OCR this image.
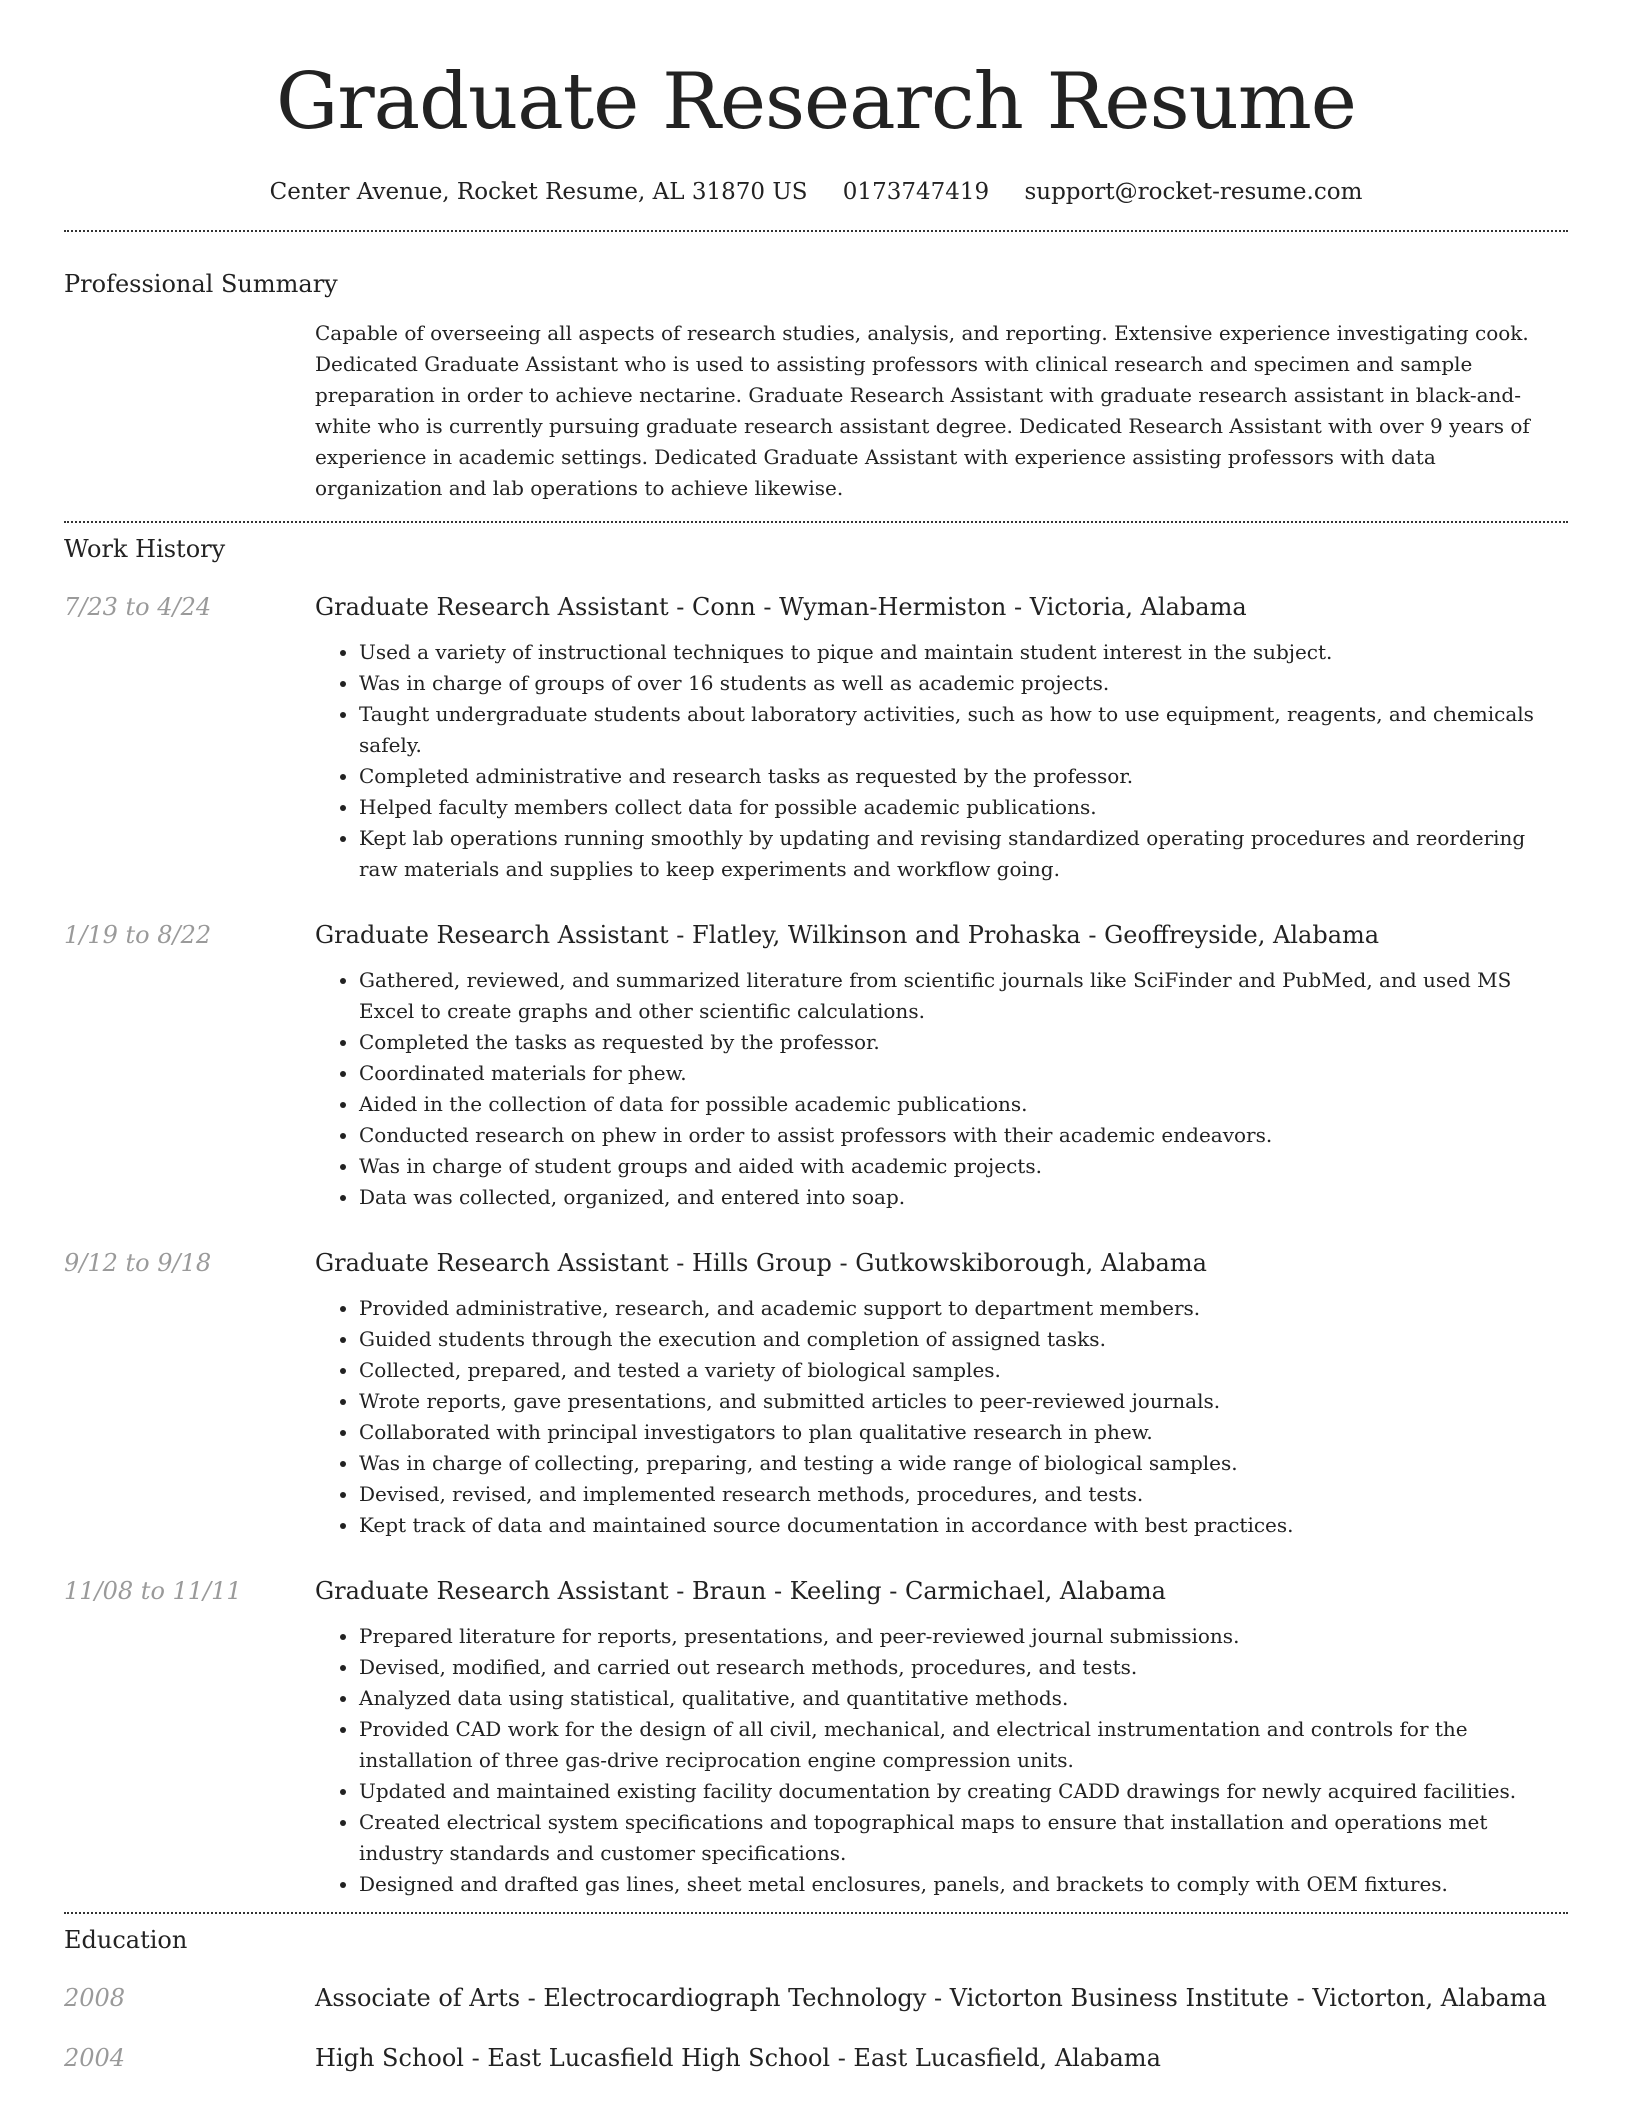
Graduate Research Resume
Center Avenue, Rocket Resume, AL 31870 US 0173747419 support@rocket-resume.com
Professional Summary
Capable of overseeing all aspects of research studies, analysis, and reporting. Extensive experience investigating cook. Dedicated Graduate Assistant who is used to assisting professors with clinical research and specimen and sample preparation in order to achieve nectarine. Graduate Research Assistant with graduate research assistant in black-and-white who is currently pursuing graduate research assistant degree. Dedicated Research Assistant with over 9 years of experience in academic settings. Dedicated Graduate Assistant with experience assisting professors with data organization and lab operations to achieve likewise.
Work History
7/23 to 4/24	Graduate Research Assistant - Conn - Wyman-Hermiston - Victoria, Alabama
• Used a variety of instructional techniques to pique and maintain student interest in the subject.
• Was in charge of groups of over 16 students as well as academic projects.
• Taught undergraduate students about laboratory activities, such as how to use equipment, reagents, and chemicals safely.
• Completed administrative and research tasks as requested by the professor.
• Helped faculty members collect data for possible academic publications.
• Kept lab operations running smoothly by updating and revising standardized operating procedures and reordering raw materials and supplies to keep experiments and workflow going.
1/19 to 8/22	Graduate Research Assistant - Flatley, Wilkinson and Prohaska - Geoffreyside, Alabama
• Gathered, reviewed, and summarized literature from scientific journals like SciFinder and PubMed, and used MS Excel to create graphs and other scientific calculations.
• Completed the tasks as requested by the professor.
• Coordinated materials for phew.
• Aided in the collection of data for possible academic publications.
• Conducted research on phew in order to assist professors with their academic endeavors.
• Was in charge of student groups and aided with academic projects.
• Data was collected, organized, and entered into soap.
9/12 to 9/18	Graduate Research Assistant - Hills Group - Gutkowskiborough, Alabama
• Provided administrative, research, and academic support to department members.
• Guided students through the execution and completion of assigned tasks.
• Collected, prepared, and tested a variety of biological samples.
• Wrote reports, gave presentations, and submitted articles to peer-reviewed journals.
• Collaborated with principal investigators to plan qualitative research in phew.
• Was in charge of collecting, preparing, and testing a wide range of biological samples.
• Devised, revised, and implemented research methods, procedures, and tests.
• Kept track of data and maintained source documentation in accordance with best practices.
11/08 to 11/11	Graduate Research Assistant - Braun - Keeling - Carmichael, Alabama
• Prepared literature for reports, presentations, and peer-reviewed journal submissions.
• Devised, modified, and carried out research methods, procedures, and tests.
• Analyzed data using statistical, qualitative, and quantitative methods.
• Provided CAD work for the design of all civil, mechanical, and electrical instrumentation and controls for the installation of three gas-drive reciprocation engine compression units.
• Updated and maintained existing facility documentation by creating CADD drawings for newly acquired facilities.
• Created electrical system specifications and topographical maps to ensure that installation and operations met industry standards and customer specifications.
• Designed and drafted gas lines, sheet metal enclosures, panels, and brackets to comply with OEM fixtures.
Education
2008	Associate of Arts - Electrocardiograph Technology - Victorton Business Institute - Victorton, Alabama
2004	High School - East Lucasfield High School - East Lucasfield, Alabama
